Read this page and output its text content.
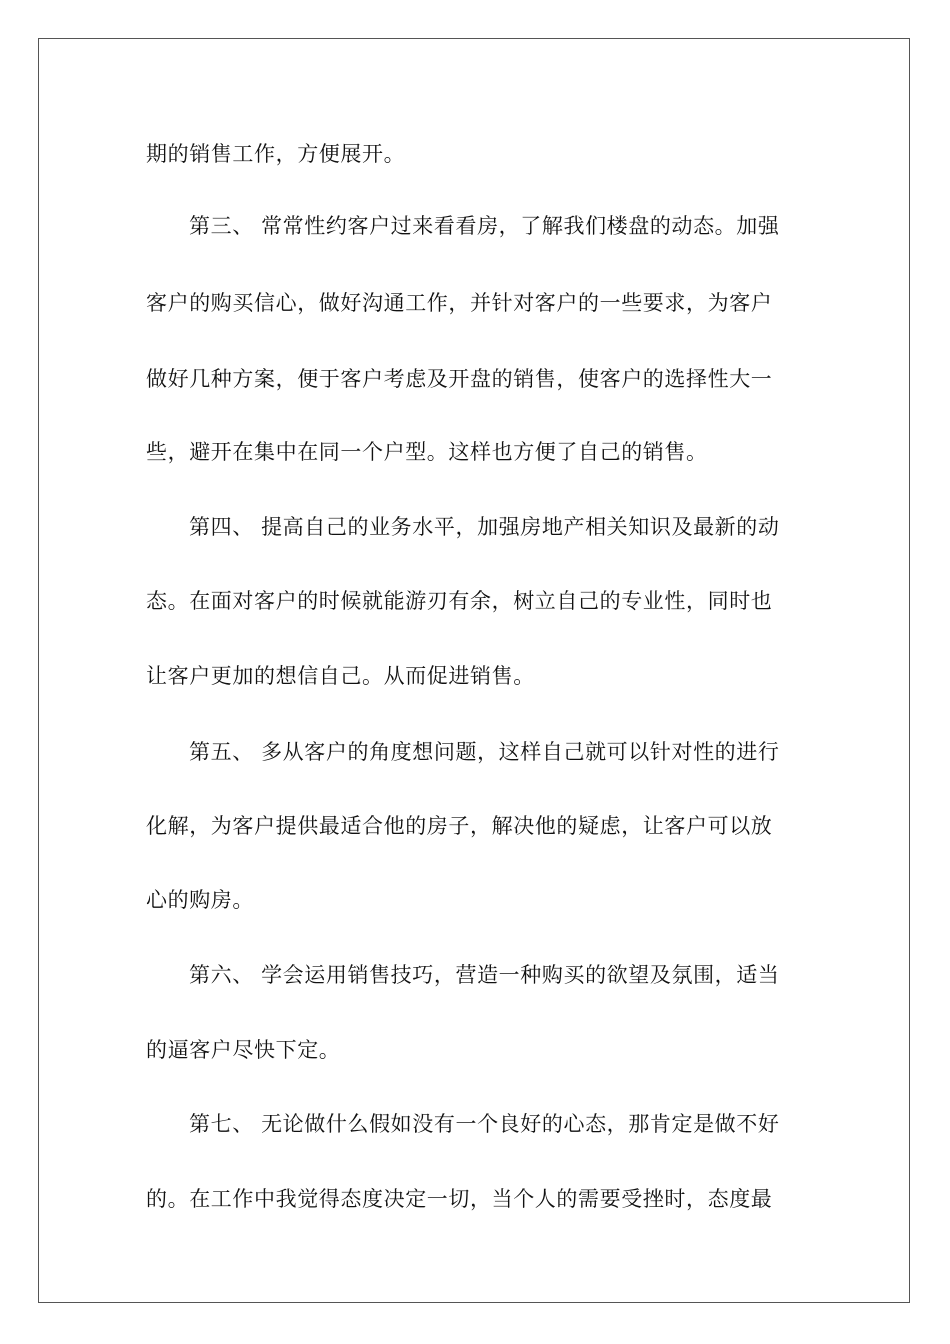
期的销售工作，方便展开。
第三、 常常性约客户过来看看房，了解我们楼盘的动态。加强
客户的购买信心，做好沟通工作，并针对客户的一些要求，为客户
做好几种方案，便于客户考虑及开盘的销售，使客户的选择性大一
些，避开在集中在同一个户型。这样也方便了自己的销售。
第四、 提高自己的业务水平，加强房地产相关知识及最新的动
态。在面对客户的时候就能游刃有余，树立自己的专业性，同时也
让客户更加的想信自己。从而促进销售。
第五、 多从客户的角度想问题，这样自己就可以针对性的进行
化解，为客户提供最适合他的房子，解决他的疑虑，让客户可以放
心的购房。
第六、 学会运用销售技巧，营造一种购买的欲望及氛围，适当
的逼客户尽快下定。
第七、 无论做什么假如没有一个良好的心态，那肯定是做不好
的。在工作中我觉得态度决定一切，当个人的需要受挫时，态度最
